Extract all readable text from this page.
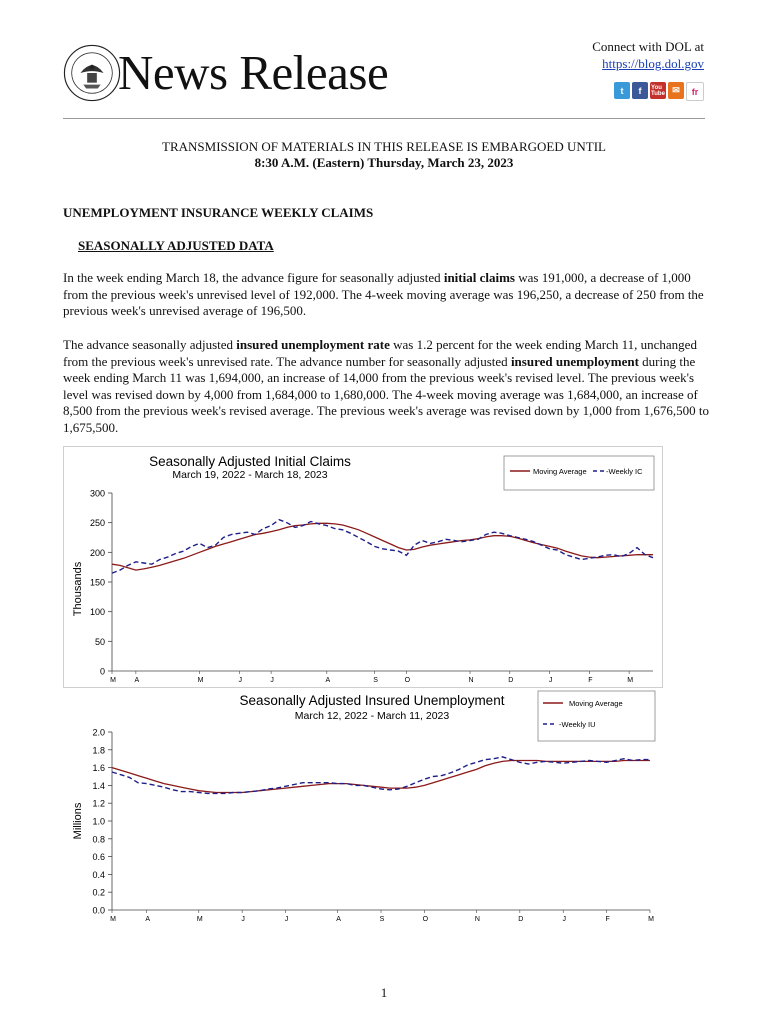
News Release	Connect with DOL at
https://blog.dol.gov
t	f	You
Tube ✉	fr
TRANSMISSION OF MATERIALS IN THIS RELEASE IS EMBARGOED UNTIL
8:30 A.M. (Eastern) Thursday, March 23, 2023
UNEMPLOYMENT INSURANCE WEEKLY CLAIMS
SEASONALLY ADJUSTED DATA
In the week ending March 18, the advance figure for seasonally adjusted initial claims was 191,000, a decrease of 1,000 from the previous week's unrevised level of 192,000. The 4-week moving average was 196,250, a decrease of 250 from the previous week's unrevised average of 196,500.
The advance seasonally adjusted insured unemployment rate was 1.2 percent for the week ending March 11, unchanged from the previous week's unrevised rate. The advance number for seasonally adjusted insured unemployment during the week ending March 11 was 1,694,000, an increase of 14,000 from the previous week's revised level. The previous week's level was revised down by 4,000 from 1,684,000 to 1,680,000. The 4-week moving average was 1,684,000, an increase of 8,500 from the previous week's revised average. The previous week's average was revised down by 1,000 from 1,676,500 to 1,675,500.
Seasonally Adjusted Initial Claims
March 19, 2022 - March 18, 2023	Moving Average	-Weekly IC
Thousands
0
50
100
150
200
250
300
M	A	M	J	J	A	S	O	N	D	J	F	M
Seasonally Adjusted Insured Unemployment
March 12, 2022 - March 11, 2023
Moving Average
-Weekly IU
Millions
0.0
0.2
0.4
0.6
0.8
1.0
1.2
1.4
1.6
1.8
2.0
M	A	M	J	J	A	S	O	N	D	J	F	M
1
